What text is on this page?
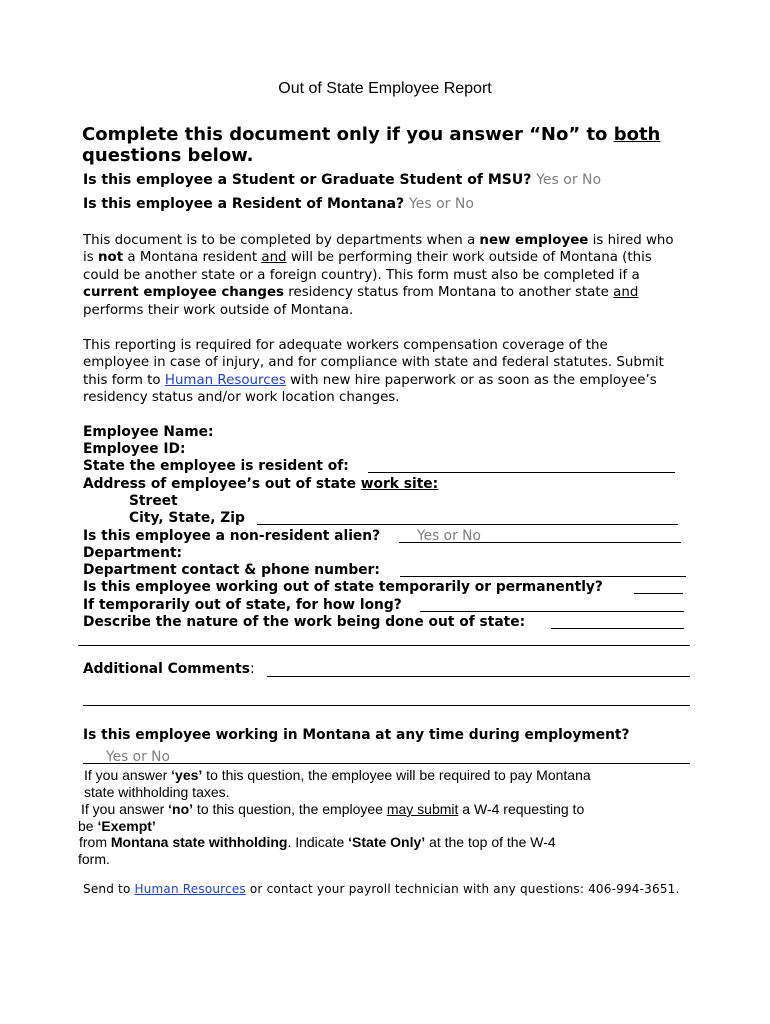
Out of State Employee Report
Complete this document only if you answer “No” to both
questions below.
Is this employee a Student or Graduate Student of MSU? Yes or No
Is this employee a Resident of Montana? Yes or No
This document is to be completed by departments when a new employee is hired who is not a Montana resident and will be performing their work outside of Montana (this could be another state or a foreign country). This form must also be completed if a current employee changes residency status from Montana to another state and performs their work outside of Montana.
This reporting is required for adequate workers compensation coverage of the employee in case of injury, and for compliance with state and federal statutes. Submit this form to Human Resources with new hire paperwork or as soon as the employee’s residency status and/or work location changes.
Employee Name:
Employee ID:
State the employee is resident of:
Address of employee’s out of state work site:
Street
City, State, Zip
Is this employee a non-resident alien?	Yes or No
Department:
Department contact & phone number:
Is this employee working out of state temporarily or permanently?
If temporarily out of state, for how long?
Describe the nature of the work being done out of state:
Additional Comments:
Is this employee working in Montana at any time during employment?
Yes or No
If you answer ‘yes’ to this question, the employee will be required to pay Montana
state withholding taxes.
If you answer ‘no’ to this question, the employee may submit a W-4 requesting to
be ‘Exempt’
from Montana state withholding. Indicate ‘State Only’ at the top of the W-4
form.
Send to Human Resources or contact your payroll technician with any questions: 406-994-3651.
